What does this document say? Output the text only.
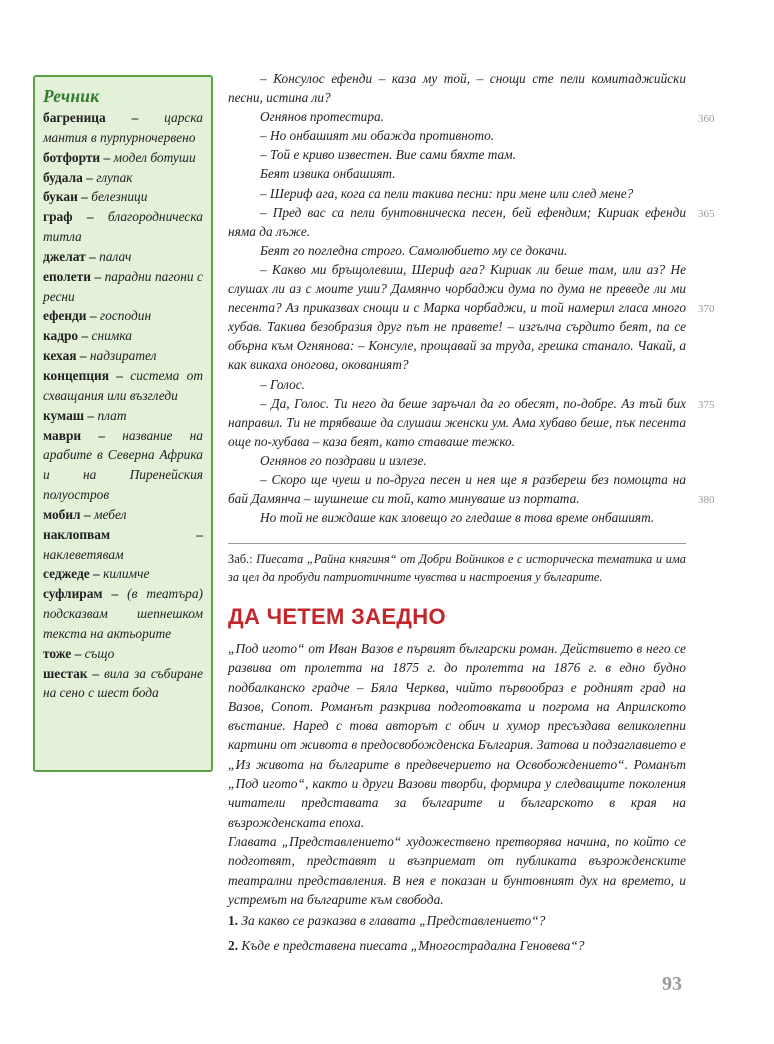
Речник

багреница – царска мантия в пурпурночервено

ботфорти – модел ботуши

будала – глупак

букаи – белезници

граф – благородническа титла

джелат – палач

еполети – парадни пагони с ресни

ефенди – господин

кадро – снимка

кехая – надзирател

концепция – система от схващания или възгледи

кумаш – плат

маври – название на арабите в Северна Африка и на Пиренейския полуостров

мобил – мебел

наклопвам – наклеветявам

седжеде – килимче

суфлирам – (в театъра) подсказвам шепнешком текста на актьорите

тоже – също

шестак – вила за събиране на сено с шест бода

– Консулос ефенди – каза му той, – снощи сте пели комитаджийски песни, истина ли?

Огнянов протестира.

– Но онбашият ми обажда противното.

– Той е криво известен. Вие сами бяхте там.

Беят извика онбашият.

– Шериф ага, кога са пели такива песни: при мене или след мене?

– Пред вас са пели бунтовническа песен, бей ефендим; Кириак ефенди няма да лъже.

Беят го погледна строго. Самолюбието му се докачи.

– Какво ми бръщолевиш, Шериф ага? Кириак ли беше там, или аз? Не слушах ли аз с моите уши? Дамянчо чорбаджи дума по дума не преведе ли ми песента? Аз приказвах снощи и с Марка чорбаджи, и той намерил гласа много хубав. Такива безобразия друг път не правете! – изгълча сърдито беят, па се обърна към Огнянова: – Консуле, прощавай за труда, грешка станало. Чакай, а как викаха оногова, окованият?

– Голос.

– Да, Голос. Ти него да беше заръчал да го обесят, по-добре. Аз тъй бих направил. Ти не трябваше да слушаш женски ум. Ама хубаво беше, пък песента още по-хубава – каза беят, като ставаше тежко.

Огнянов го поздрави и излезе.

– Скоро ще чуеш и по-друга песен и нея ще я разбереш без помощта на бай Дамянча – шушнеше си той, като минуваше из портата.

Но той не виждаше как зловещо го гледаше в това време онбашият.

360
365
370
375
380
Заб.: Пиесата „Райна княгиня“ от Добри Войников е с историческа тематика и има за цел да пробуди патриотичните чувства и настроения у българите.
ДА ЧЕТЕМ ЗАЕДНО

„Под игото“ от Иван Вазов е първият български роман. Действието в него се развива от пролетта на 1875 г. до пролетта на 1876 г. в едно будно подбалканско градче – Бяла Черква, чийто първообраз е родният град на Вазов, Сопот. Романът разкрива подготовката и погрома на Априлското въстание. Наред с това авторът с обич и хумор пресъздава великолепни картини от живота в предосвобожденска България. Затова и подзаглавието е „Из живота на българите в предвечерието на Освобождението“. Романът „Под игото“, както и други Вазови творби, формира у следващите поколения читатели представата за българите и българското в края на възрожденската епоха.

Главата „Представлението“ художествено претворява начина, по който се подготвят, представят и възприемат от публиката възрожденските театрални представления. В нея е показан и бунтовният дух на времето, и устремът на българите към свобода.

1. За какво се разказва в главата „Представлението“?

2. Къде е представена пиесата „Многострадална Геновева“?

93
